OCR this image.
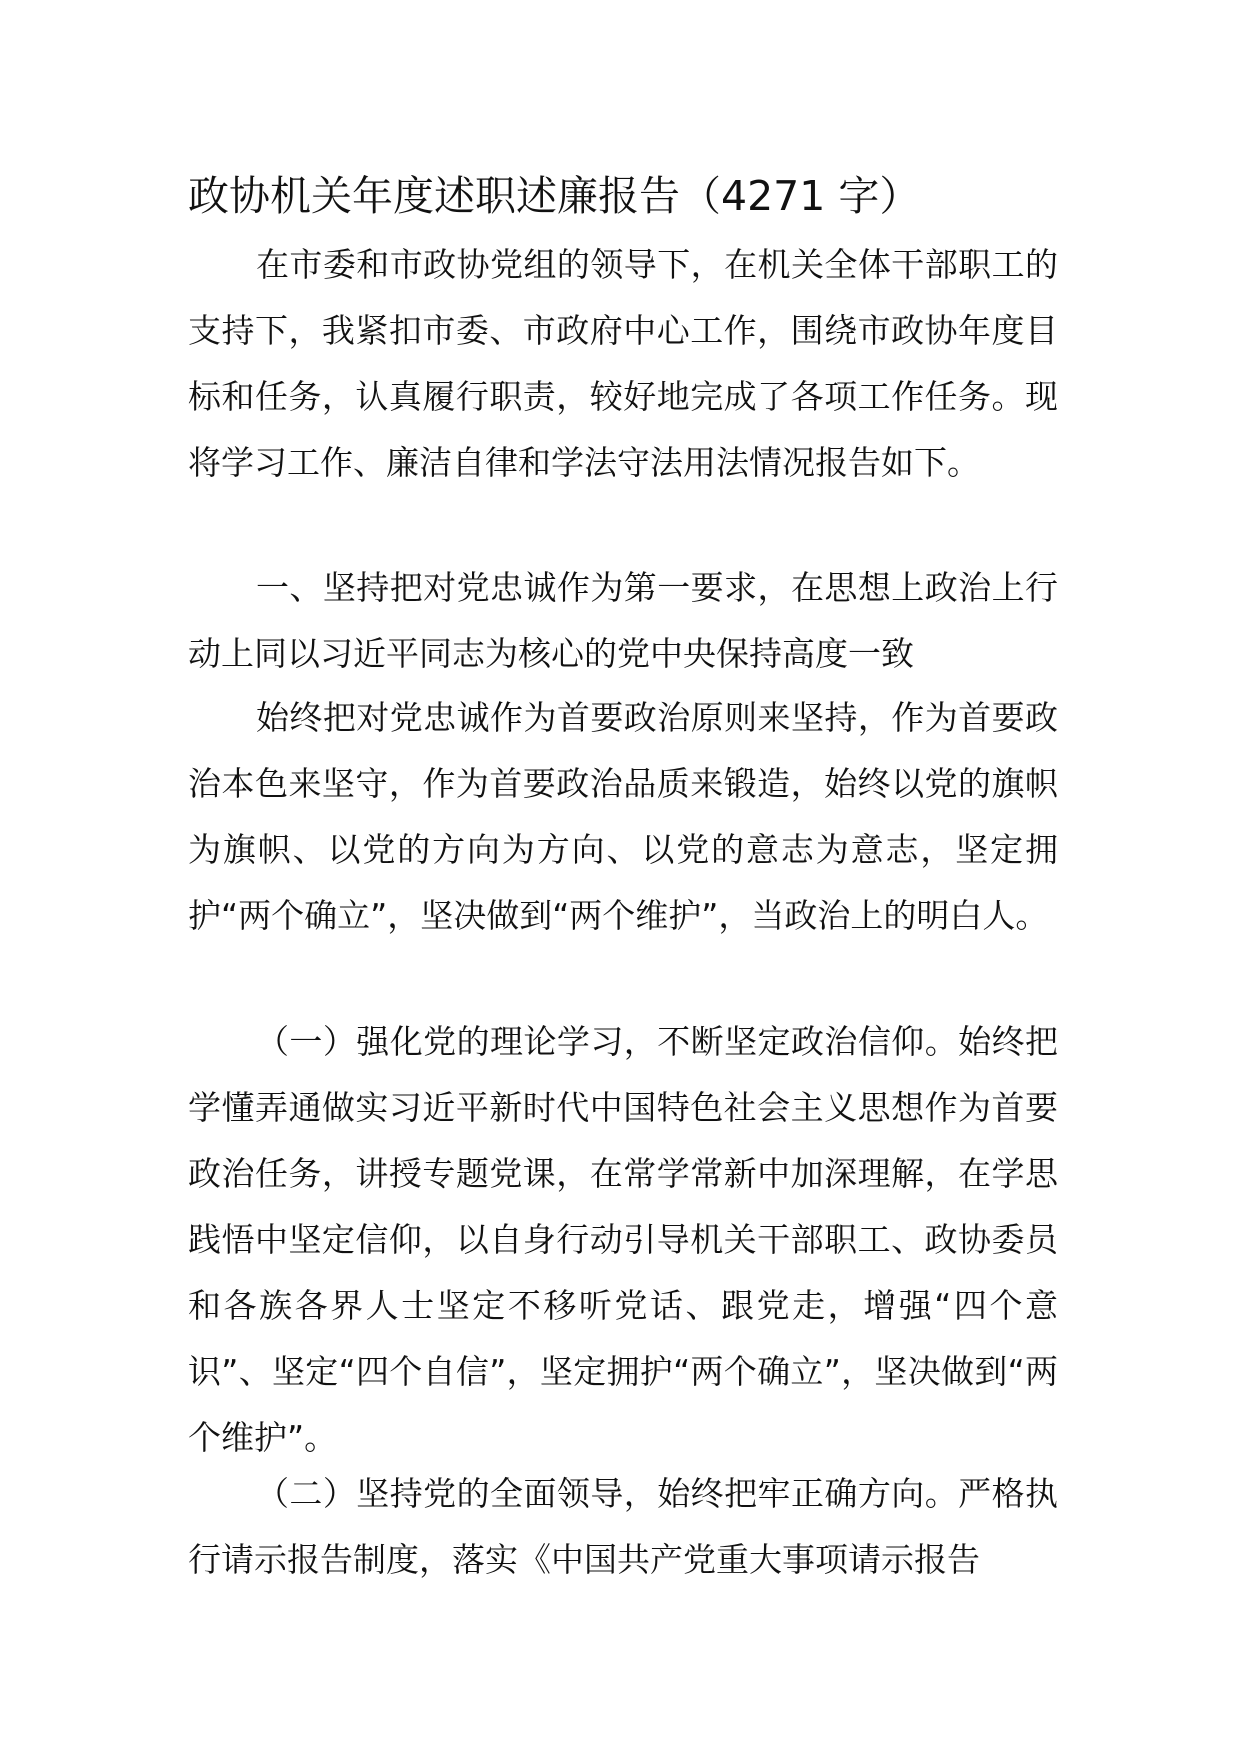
政协机关年度述职述廉报告（4271 字）
在市委和市政协党组的领导下，在机关全体干部职工的支持下，我紧扣市委、市政府中心工作，围绕市政协年度目标和任务，认真履行职责，较好地完成了各项工作任务。现将学习工作、廉洁自律和学法守法用法情况报告如下。
一、坚持把对党忠诚作为第一要求，在思想上政治上行动上同以习近平同志为核心的党中央保持高度一致
始终把对党忠诚作为首要政治原则来坚持，作为首要政治本色来坚守，作为首要政治品质来锻造，始终以党的旗帜为旗帜、以党的方向为方向、以党的意志为意志，坚定拥护“两个确立”，坚决做到“两个维护”，当政治上的明白人。
（一）强化党的理论学习，不断坚定政治信仰。始终把学懂弄通做实习近平新时代中国特色社会主义思想作为首要政治任务，讲授专题党课，在常学常新中加深理解，在学思践悟中坚定信仰，以自身行动引导机关干部职工、政协委员和各族各界人士坚定不移听党话、跟党走，增强“四个意识”、坚定“四个自信”，坚定拥护“两个确立”，坚决做到“两个维护”。
（二）坚持党的全面领导，始终把牢正确方向。严格执行请示报告制度，落实《中国共产党重大事项请示报告
